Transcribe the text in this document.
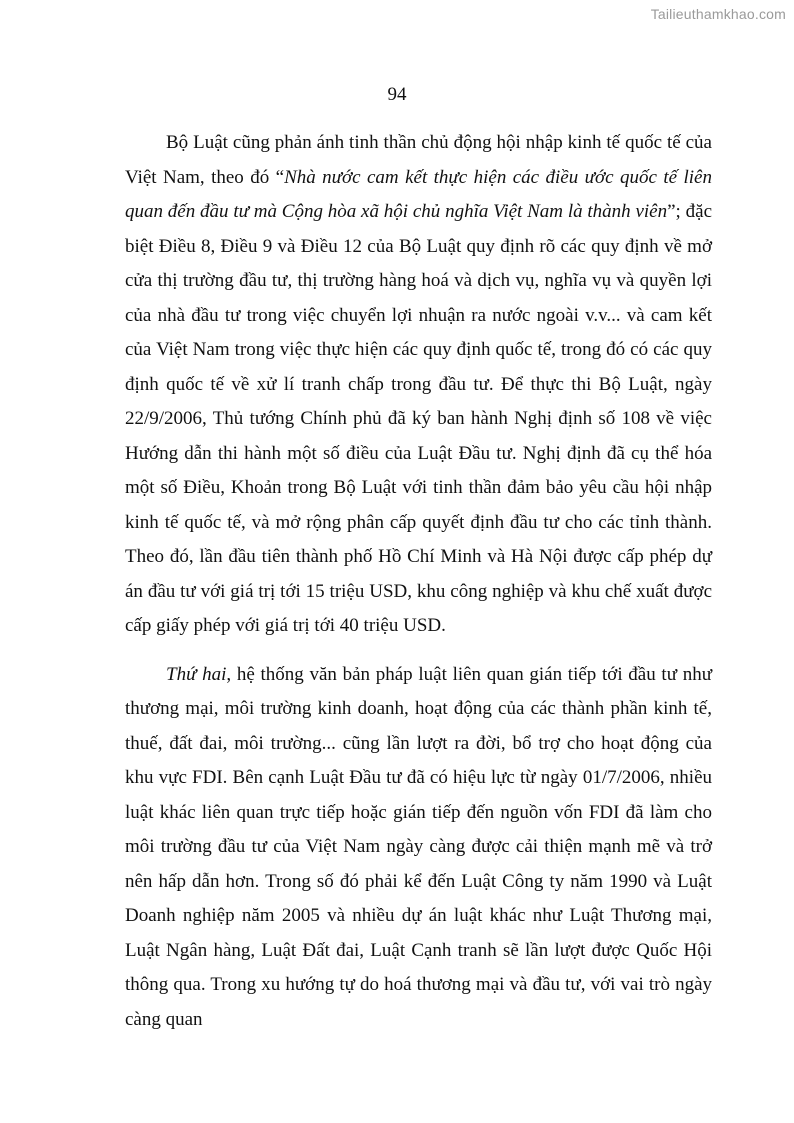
Tailieuthamkhao.com
94

Bộ Luật cũng phản ánh tinh thần chủ động hội nhập kinh tế quốc tế của Việt Nam, theo đó “Nhà nước cam kết thực hiện các điều ước quốc tế liên quan đến đầu tư mà Cộng hòa xã hội chủ nghĩa Việt Nam là thành viên”; đặc biệt Điều 8, Điều 9 và Điều 12 của Bộ Luật quy định rõ các quy định về mở cửa thị trường đầu tư, thị trường hàng hoá và dịch vụ, nghĩa vụ và quyền lợi của nhà đầu tư trong việc chuyển lợi nhuận ra nước ngoài v.v... và cam kết của Việt Nam trong việc thực hiện các quy định quốc tế, trong đó có các quy định quốc tế về xử lí tranh chấp trong đầu tư. Để thực thi Bộ Luật, ngày 22/9/2006, Thủ tướng Chính phủ đã ký ban hành Nghị định số 108 về việc Hướng dẫn thi hành một số điều của Luật Đầu tư. Nghị định đã cụ thể hóa một số Điều, Khoản trong Bộ Luật với tinh thần đảm bảo yêu cầu hội nhập kinh tế quốc tế, và mở rộng phân cấp quyết định đầu tư cho các tỉnh thành. Theo đó, lần đầu tiên thành phố Hồ Chí Minh và Hà Nội được cấp phép dự án đầu tư với giá trị tới 15 triệu USD, khu công nghiệp và khu chế xuất được cấp giấy phép với giá trị tới 40 triệu USD.

Thứ hai, hệ thống văn bản pháp luật liên quan gián tiếp tới đầu tư như thương mại, môi trường kinh doanh, hoạt động của các thành phần kinh tế, thuế, đất đai, môi trường... cũng lần lượt ra đời, bổ trợ cho hoạt động của khu vực FDI. Bên cạnh Luật Đầu tư đã có hiệu lực từ ngày 01/7/2006, nhiều luật khác liên quan trực tiếp hoặc gián tiếp đến nguồn vốn FDI đã làm cho môi trường đầu tư của Việt Nam ngày càng được cải thiện mạnh mẽ và trở nên hấp dẫn hơn. Trong số đó phải kể đến Luật Công ty năm 1990 và Luật Doanh nghiệp năm 2005 và nhiều dự án luật khác như Luật Thương mại, Luật Ngân hàng, Luật Đất đai, Luật Cạnh tranh sẽ lần lượt được Quốc Hội thông qua. Trong xu hướng tự do hoá thương mại và đầu tư, với vai trò ngày càng quan
